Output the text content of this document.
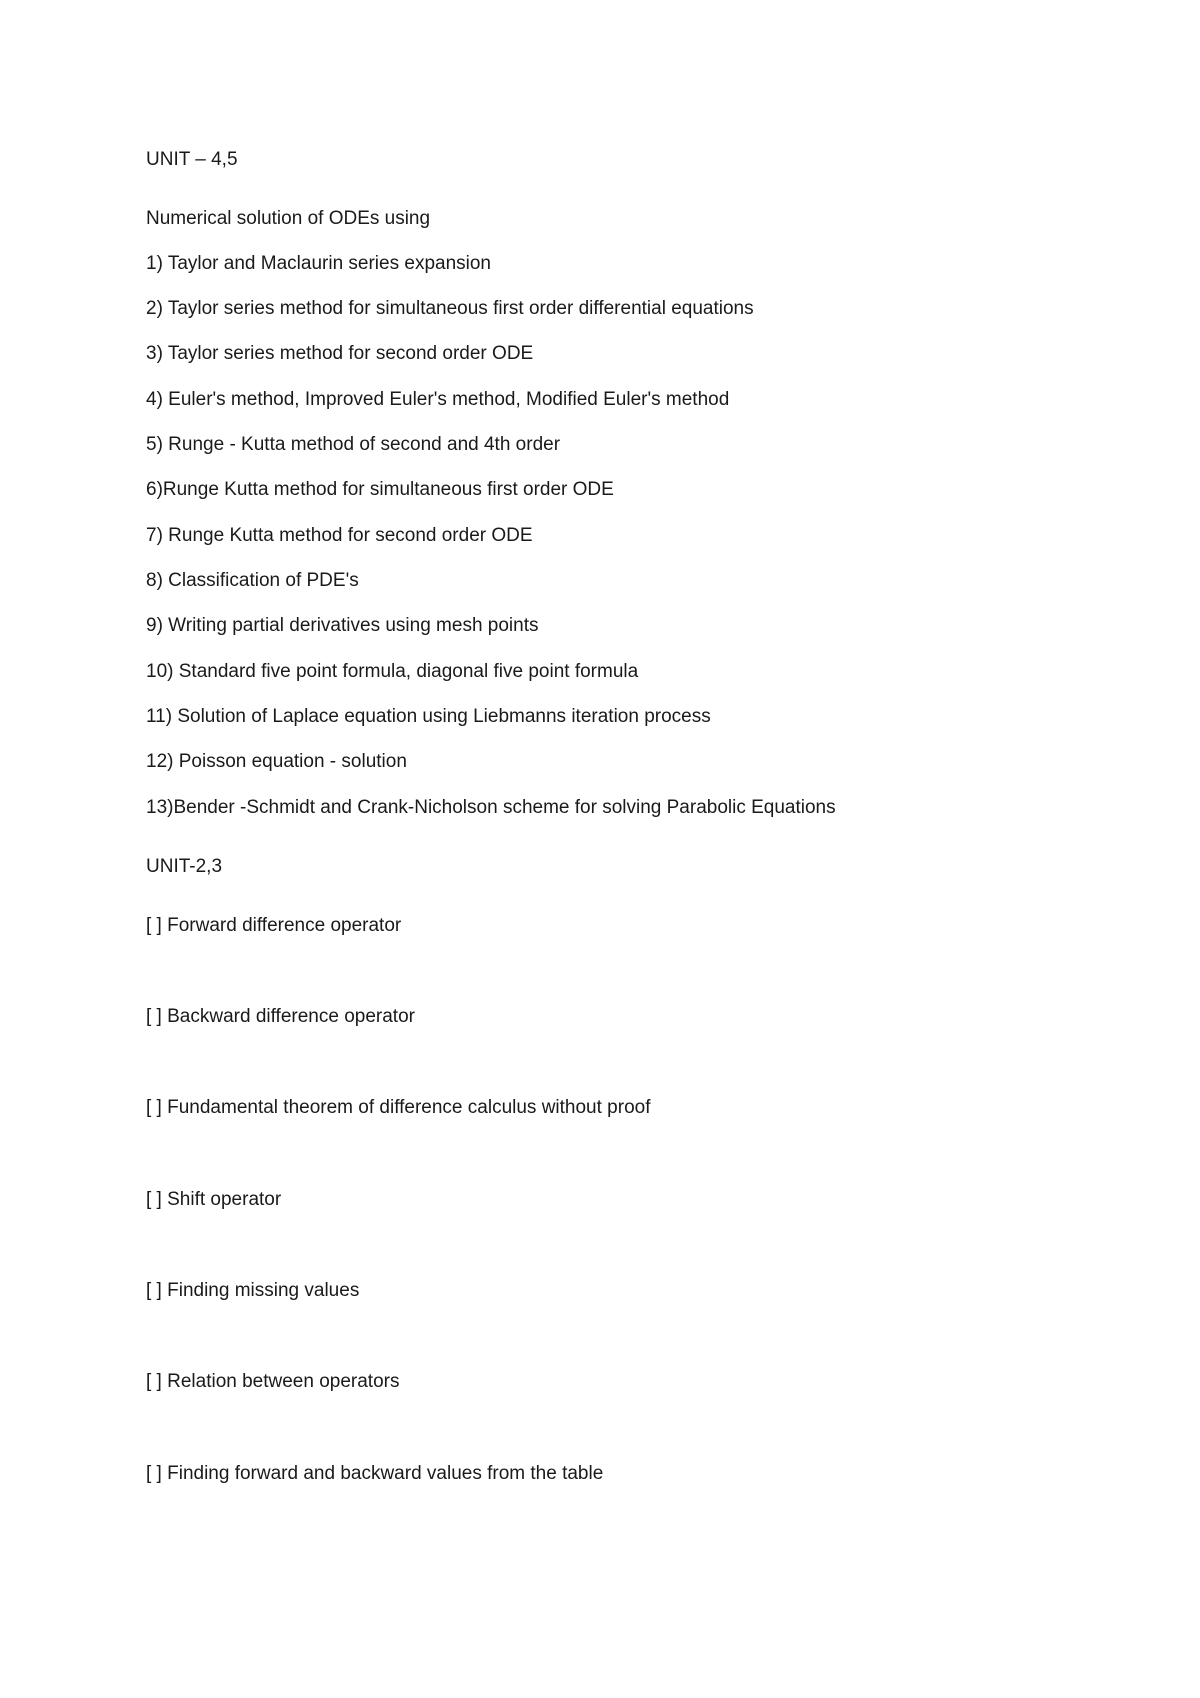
UNIT – 4,5

Numerical solution of ODEs using

1) Taylor and Maclaurin series expansion

2) Taylor series method for simultaneous first order differential equations

3) Taylor series method for second order ODE

4) Euler's method, Improved Euler's method, Modified Euler's method

5) Runge - Kutta method of second and 4th order

6)Runge Kutta method for simultaneous first order ODE

7) Runge Kutta method for second order ODE

8) Classification of PDE's

9) Writing partial derivatives using mesh points

10) Standard five point formula, diagonal five point formula

11) Solution of Laplace equation using Liebmanns iteration process

12) Poisson equation - solution

13)Bender -Schmidt and Crank-Nicholson scheme for solving Parabolic Equations

UNIT-2,3

[ ] Forward difference operator

[ ] Backward difference operator

[ ] Fundamental theorem of difference calculus without proof

[ ] Shift operator

[ ] Finding missing values

[ ] Relation between operators

[ ] Finding forward and backward values from the table
